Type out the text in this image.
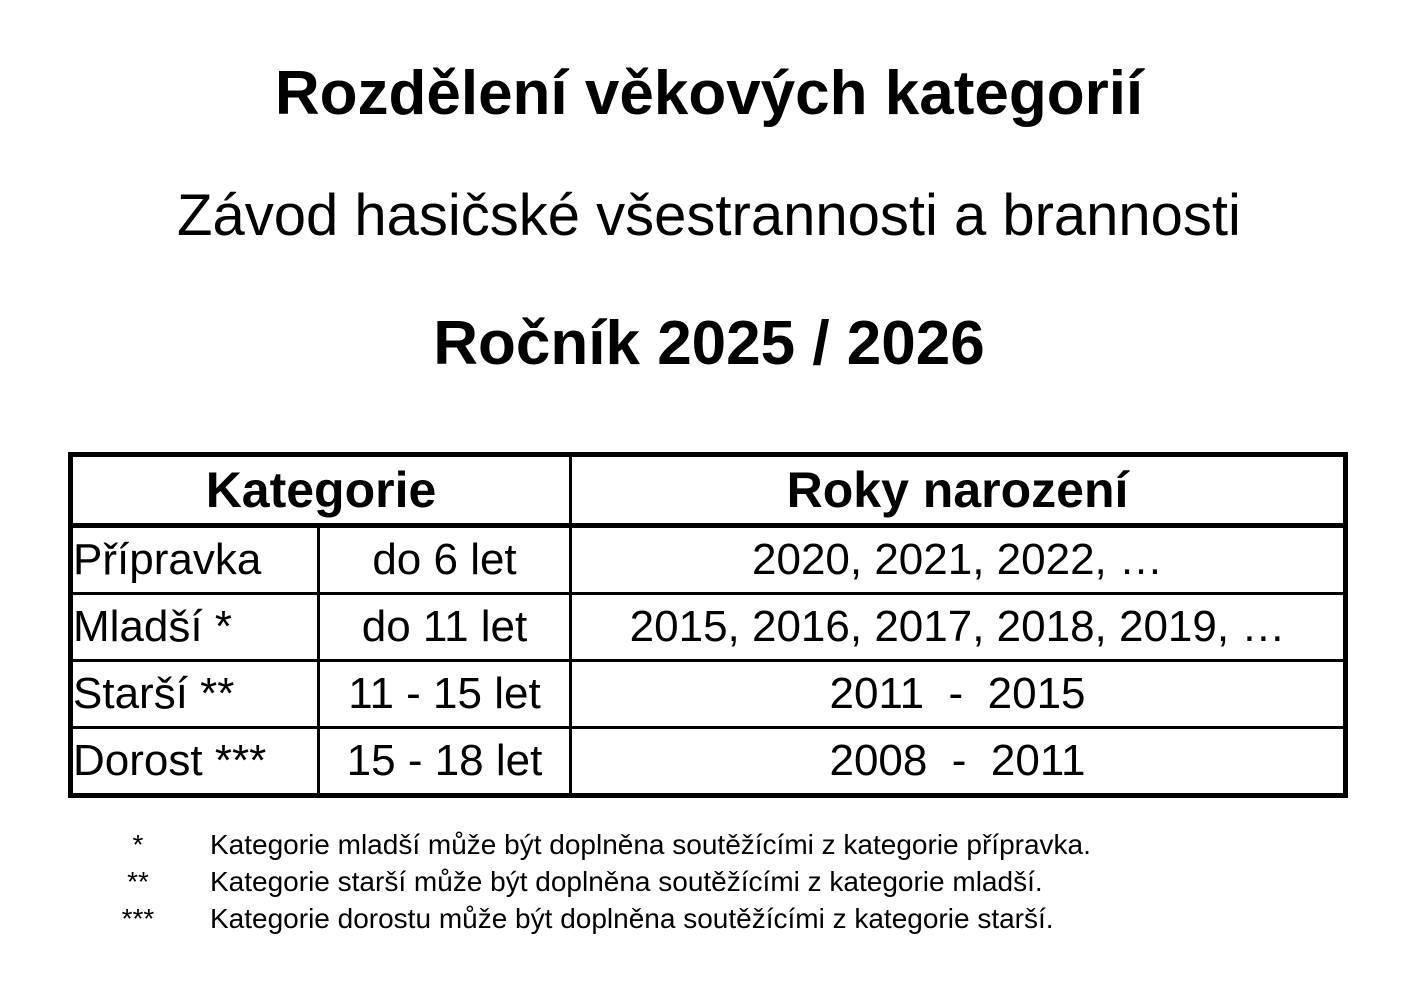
Rozdělení věkových kategorií
Závod hasičské všestrannosti a brannosti
Ročník 2025 / 2026
Kategorie		Roky narození
Přípravka	do 6 let	2020, 2021, 2022, …
Mladší *	do 11 let	2015, 2016, 2017, 2018, 2019, …
Starší **	11 - 15 let	2011  -  2015
Dorost ***	15 - 18 let	2008  -  2011
*	Kategorie mladší může být doplněna soutěžícími z kategorie přípravka.
**	Kategorie starší může být doplněna soutěžícími z kategorie mladší.
***	Kategorie dorostu může být doplněna soutěžícími z kategorie starší.
